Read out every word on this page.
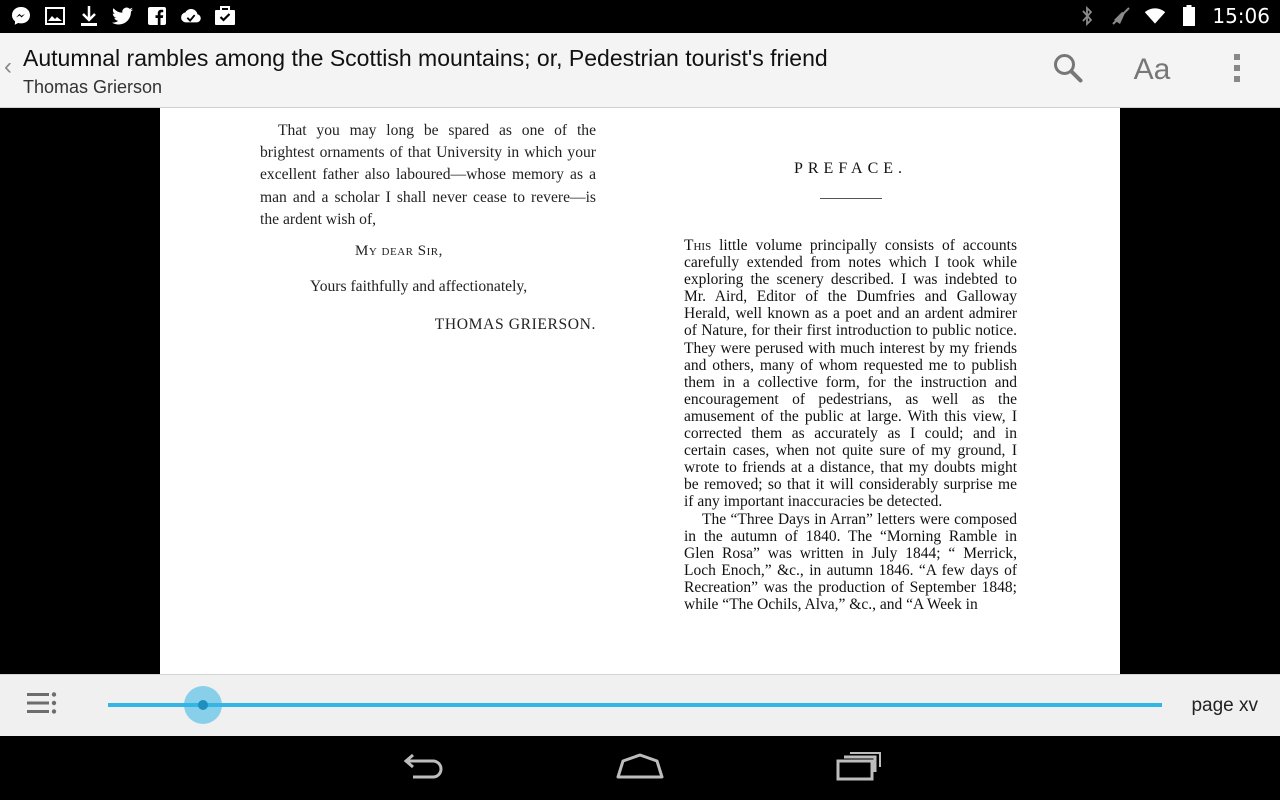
15:06
‹ Autumnal rambles among the Scottish mountains; or, Pedestrian tourist's friend
Thomas Grierson
Aa

That you may long be spared as one of the brightest ornaments of that University in which your excellent father also laboured—whose memory as a man and a scholar I shall never cease to revere—is the ardent wish of,

My dear Sir,
Yours faithfully and affectionately,
THOMAS GRIERSON.
PREFACE.

This little volume principally consists of accounts carefully extended from notes which I took while exploring the scenery described. I was indebted to Mr. Aird, Editor of the Dumfries and Galloway Herald, well known as a poet and an ardent admirer of Nature, for their first introduction to public notice. They were perused with much interest by my friends and others, many of whom requested me to publish them in a collective form, for the instruction and encouragement of pedestrians, as well as the amusement of the public at large. With this view, I corrected them as accurately as I could; and in certain cases, when not quite sure of my ground, I wrote to friends at a distance, that my doubts might be removed; so that it will considerably surprise me if any important inaccuracies be detected.

The “Three Days in Arran” letters were composed in the autumn of 1840. The “Morning Ramble in Glen Rosa” was written in July 1844; “ Merrick, Loch Enoch,” &c., in autumn 1846. “A few days of Recreation” was the production of September 1848; while “The Ochils, Alva,” &c., and “A Week in

page xv
